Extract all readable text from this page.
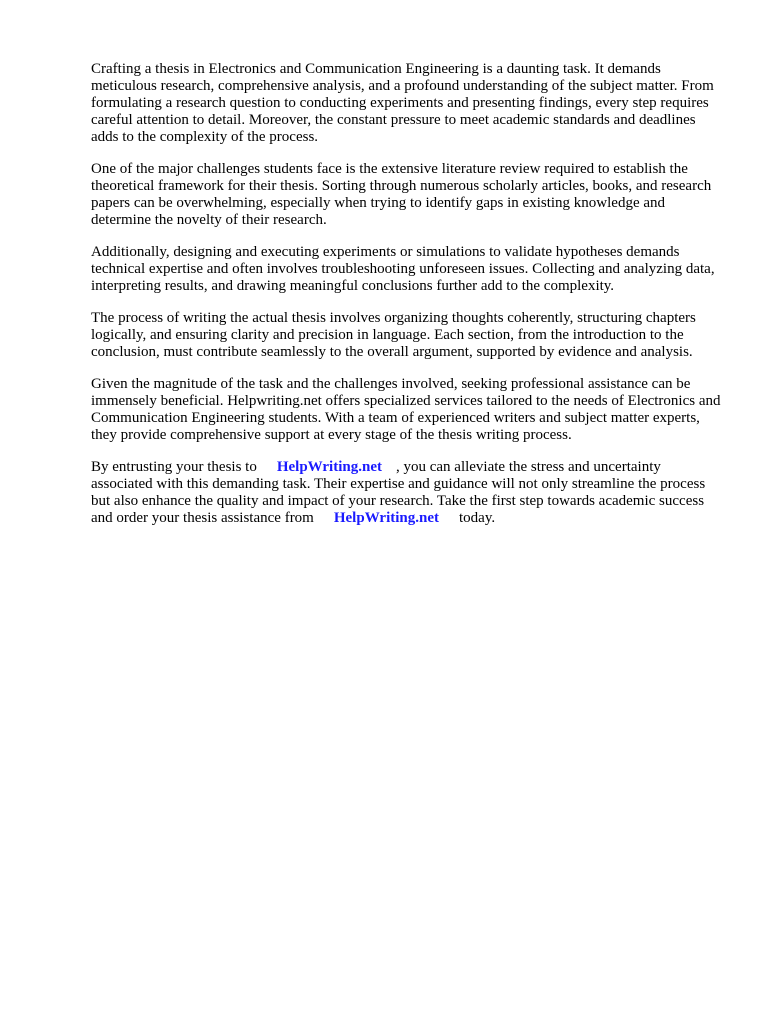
Crafting a thesis in Electronics and Communication Engineering is a daunting task. It demands meticulous research, comprehensive analysis, and a profound understanding of the subject matter. From formulating a research question to conducting experiments and presenting findings, every step requires careful attention to detail. Moreover, the constant pressure to meet academic standards and deadlines adds to the complexity of the process.

One of the major challenges students face is the extensive literature review required to establish the theoretical framework for their thesis. Sorting through numerous scholarly articles, books, and research papers can be overwhelming, especially when trying to identify gaps in existing knowledge and determine the novelty of their research.

Additionally, designing and executing experiments or simulations to validate hypotheses demands technical expertise and often involves troubleshooting unforeseen issues. Collecting and analyzing data, interpreting results, and drawing meaningful conclusions further add to the complexity.

The process of writing the actual thesis involves organizing thoughts coherently, structuring chapters logically, and ensuring clarity and precision in language. Each section, from the introduction to the conclusion, must contribute seamlessly to the overall argument, supported by evidence and analysis.

Given the magnitude of the task and the challenges involved, seeking professional assistance can be immensely beneficial. Helpwriting.net offers specialized services tailored to the needs of Electronics and Communication Engineering students. With a team of experienced writers and subject matter experts, they provide comprehensive support at every stage of the thesis writing process.

By entrusting your thesis to HelpWriting.net , you can alleviate the stress and uncertainty associated with this demanding task. Their expertise and guidance will not only streamline the process but also enhance the quality and impact of your research. Take the first step towards academic success and order your thesis assistance from HelpWriting.net today.
